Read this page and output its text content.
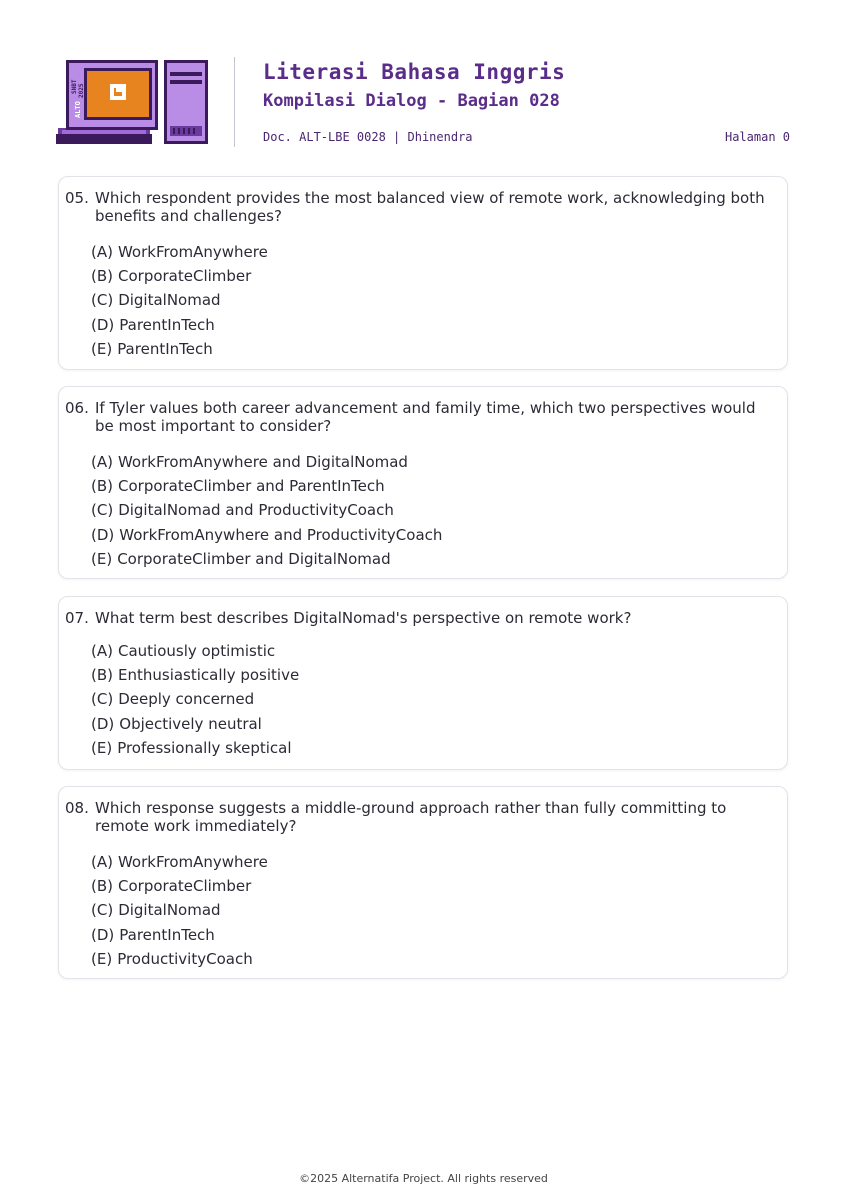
ALTO
SNBT 2025
Literasi Bahasa Inggris
Kompilasi Dialog - Bagian 028
Doc. ALT-LBE 0028 | Dhinendra	Halaman 0
05. Which respondent provides the most balanced view of remote work, acknowledging both benefits and challenges?
(A) WorkFromAnywhere
(B) CorporateClimber
(C) DigitalNomad
(D) ParentInTech
(E) ParentInTech
06. If Tyler values both career advancement and family time, which two perspectives would be most important to consider?
(A) WorkFromAnywhere and DigitalNomad
(B) CorporateClimber and ParentInTech
(C) DigitalNomad and ProductivityCoach
(D) WorkFromAnywhere and ProductivityCoach
(E) CorporateClimber and DigitalNomad
07. What term best describes DigitalNomad's perspective on remote work?
(A) Cautiously optimistic
(B) Enthusiastically positive
(C) Deeply concerned
(D) Objectively neutral
(E) Professionally skeptical
08. Which response suggests a middle-ground approach rather than fully committing to remote work immediately?
(A) WorkFromAnywhere
(B) CorporateClimber
(C) DigitalNomad
(D) ParentInTech
(E) ProductivityCoach
©2025 Alternatifa Project. All rights reserved
